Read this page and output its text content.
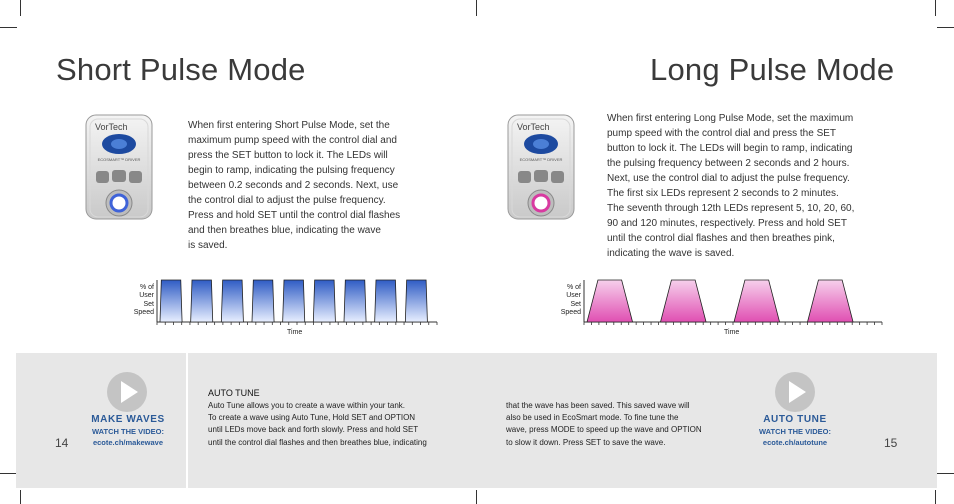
Short Pulse Mode	Long Pulse Mode
VorTech
ECOSMART™ DRIVER
VorTech
ECOSMART™ DRIVER
When first entering Short Pulse Mode, set the
maximum pump speed with the control dial and
press the SET button to lock it. The LEDs will
begin to ramp, indicating the pulsing frequency
between 0.2 seconds and 2 seconds. Next, use
the control dial to adjust the pulse frequency.
Press and hold SET until the control dial flashes
and then breathes blue, indicating the wave
is saved.
When first entering Long Pulse Mode, set the maximum
pump speed with the control dial and press the SET
button to lock it. The LEDs will begin to ramp, indicating
the pulsing frequency between 2 seconds and 2 hours.
Next, use the control dial to adjust the pulse frequency.
The first six LEDs represent 2 seconds to 2 minutes.
The seventh through 12th LEDs represent 5, 10, 20, 60,
90 and 120 minutes, respectively. Press and hold SET
until the control dial flashes and then breathes pink,
indicating the wave is saved.
% of
User
Set
Speed
Time
% of
User
Set
Speed
Time
MAKE WAVES
WATCH THE VIDEO:
ecote.ch/makewave
14
AUTO TUNE
Auto Tune allows you to create a wave within your tank.
To create a wave using Auto Tune, Hold SET and OPTION
until LEDs move back and forth slowly. Press and hold SET
until the control dial flashes and then breathes blue, indicating
that the wave has been saved. This saved wave will
also be used in EcoSmart mode. To fine tune the
wave, press MODE to speed up the wave and OPTION
to slow it down. Press SET to save the wave.
AUTO TUNE
WATCH THE VIDEO:
ecote.ch/autotune	15
